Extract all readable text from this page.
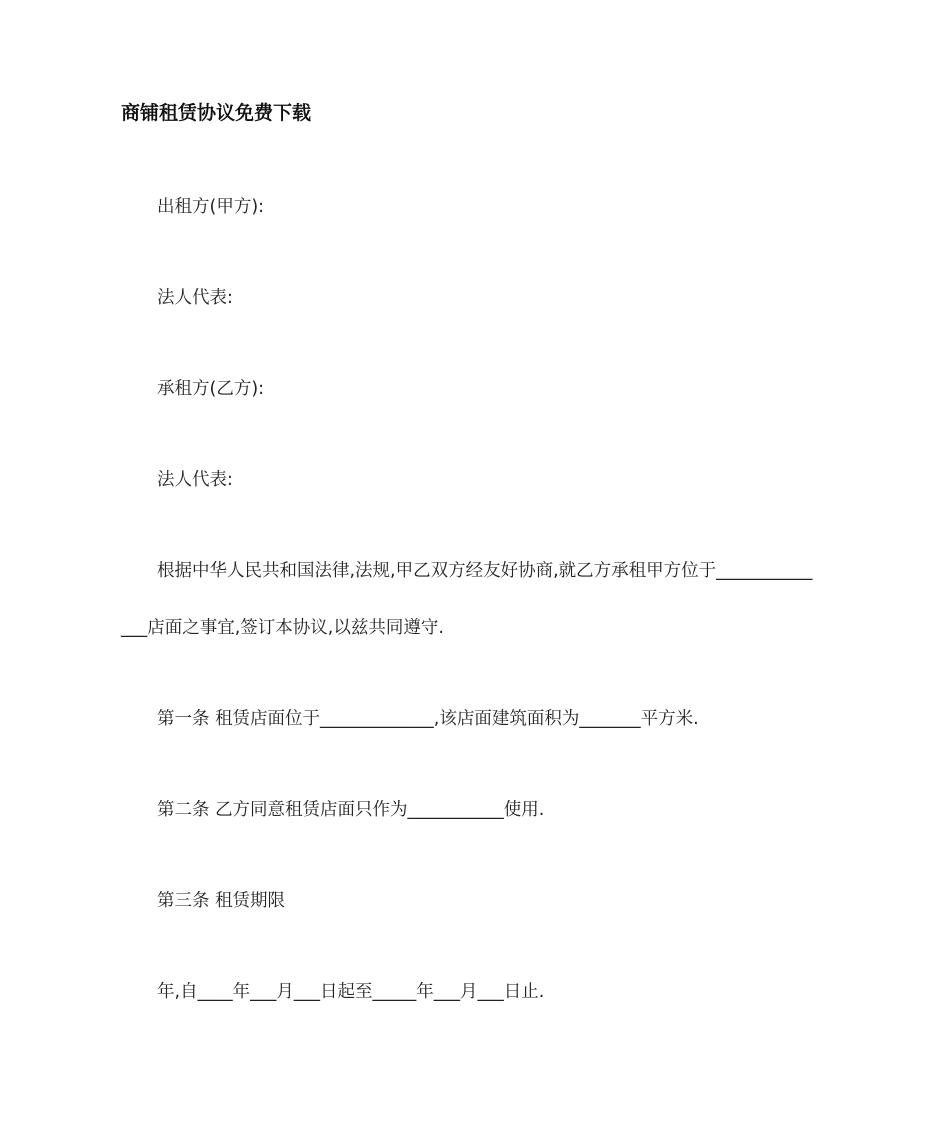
商铺租赁协议免费下载
出租方(甲方):
法人代表:
承租方(乙方):
法人代表:
根据中华人民共和国法律,法规,甲乙双方经友好协商,就乙方承租甲方位于___________
___店面之事宜,签订本协议,以兹共同遵守.
第一条 租赁店面位于_____________,该店面建筑面积为_______平方米.
第二条 乙方同意租赁店面只作为___________使用.
第三条 租赁期限
年,自____年___月___日起至_____年___月___日止.
